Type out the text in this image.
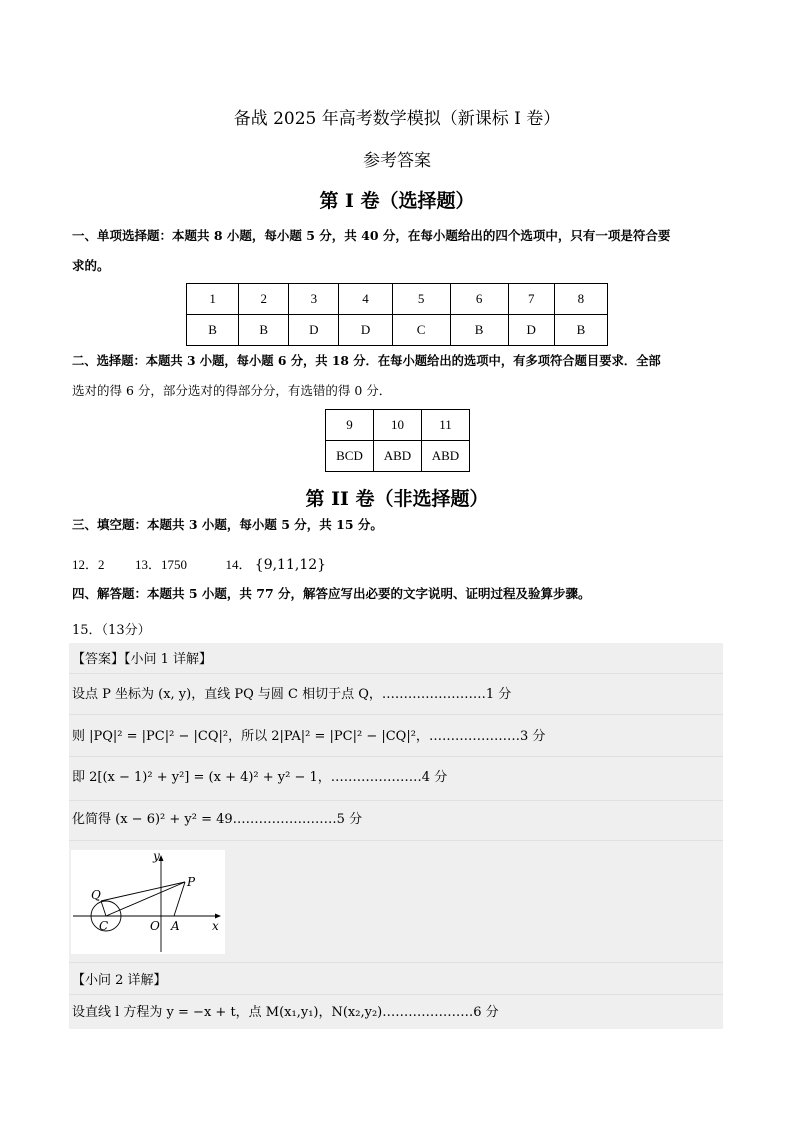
备战 2025 年高考数学模拟（新课标 I 卷）
参考答案
第 I 卷（选择题）
一、单项选择题：本题共 8 小题，每小题 5 分，共 40 分，在每小题给出的四个选项中，只有一项是符合要
求的。
1	2	3	4	5	6	7	8
B	B	D	D	C	B	D	B
二、选择题：本题共 3 小题，每小题 6 分，共 18 分．在每小题给出的选项中，有多项符合题目要求．全部
选对的得 6 分，部分选对的得部分分，有选错的得 0 分．
9	10	11
BCD	ABD	ABD
第 II 卷（非选择题）
三、填空题：本题共 3 小题，每小题 5 分，共 15 分。
12．2 13．1750	14． {9,11,12}
四、解答题：本题共 5 小题，共 77 分，解答应写出必要的文字说明、证明过程及验算步骤。
15．（13分）
【答案】【小问 1 详解】
设点 P 坐标为 (x, y)，直线 PQ 与圆 C 相切于点 Q，……………………1 分
则 |PQ|² = |PC|² − |CQ|²，所以 2|PA|² = |PC|² − |CQ|²，…………………3 分
即 2[(x − 1)² + y²] = (x + 4)² + y² − 1，…………………4 分
化简得 (x − 6)² + y² = 49……………………5 分
y
x
P
Q
C	O A
【小问 2 详解】
设直线 l 方程为 y = −x + t，点 M(x₁,y₁)，N(x₂,y₂)…………………6 分
